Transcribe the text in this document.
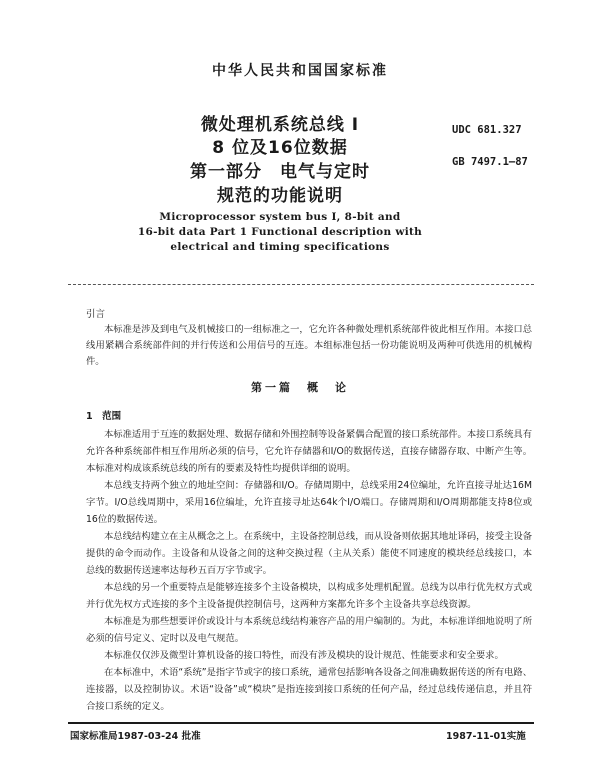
中华人民共和国国家标准
微处理机系统总线 Ⅰ
8 位及16位数据
第一部分　电气与定时
规范的功能说明
UDC 681.327
GB 7497.1—87
Microprocessor system bus Ⅰ, 8-bit and
16-bit data Part 1 Functional description with
electrical and timing specifications
引言
本标准是涉及到电气及机械接口的一组标准之一，它允许各种微处理机系统部件彼此相互作用。本接口总线用紧耦合系统部件间的并行传送和公用信号的互连。本组标准包括一份功能说明及两种可供选用的机械构件。
第一篇　概　论
1　范围
本标准适用于互连的数据处理、数据存储和外围控制等设备紧偶合配置的接口系统部件。本接口系统具有允许各种系统部件相互作用所必须的信号，它允许存储器和I/O的数据传送，直接存储器存取、中断产生等。本标准对构成该系统总线的所有的要素及特性均提供详细的说明。
本总线支持两个独立的地址空间：存储器和I/O。存储周期中，总线采用24位编址，允许直接寻址达16M字节。I/O总线周期中，采用16位编址，允许直接寻址达64k个I/O端口。存储周期和I/O周期都能支持8位或16位的数据传送。
本总线结构建立在主从概念之上。在系统中，主设备控制总线，而从设备则依据其地址译码，接受主设备提供的命令而动作。主设备和从设备之间的这种交换过程（主从关系）能使不同速度的模块经总线接口，本总线的数据传送速率达每秒五百万字节或字。
本总线的另一个重要特点是能够连接多个主设备模块，以构成多处理机配置。总线为以串行优先权方式或并行优先权方式连接的多个主设备提供控制信号，这两种方案都允许多个主设备共享总线资源。
本标准是为那些想要评价或设计与本系统总线结构兼容产品的用户编制的。为此，本标准详细地说明了所必须的信号定义、定时以及电气规范。
本标准仅仅涉及微型计算机设备的接口特性，而没有涉及模块的设计规范、性能要求和安全要求。
在本标准中，术语“系统”是指字节或字的接口系统，通常包括影响各设备之间准确数据传送的所有电路、连接器，以及控制协议。术语“设备”或“模块”是指连接到接口系统的任何产品，经过总线传递信息，并且符合接口系统的定义。
国家标准局1987-03-24 批准	1987-11-01实施
